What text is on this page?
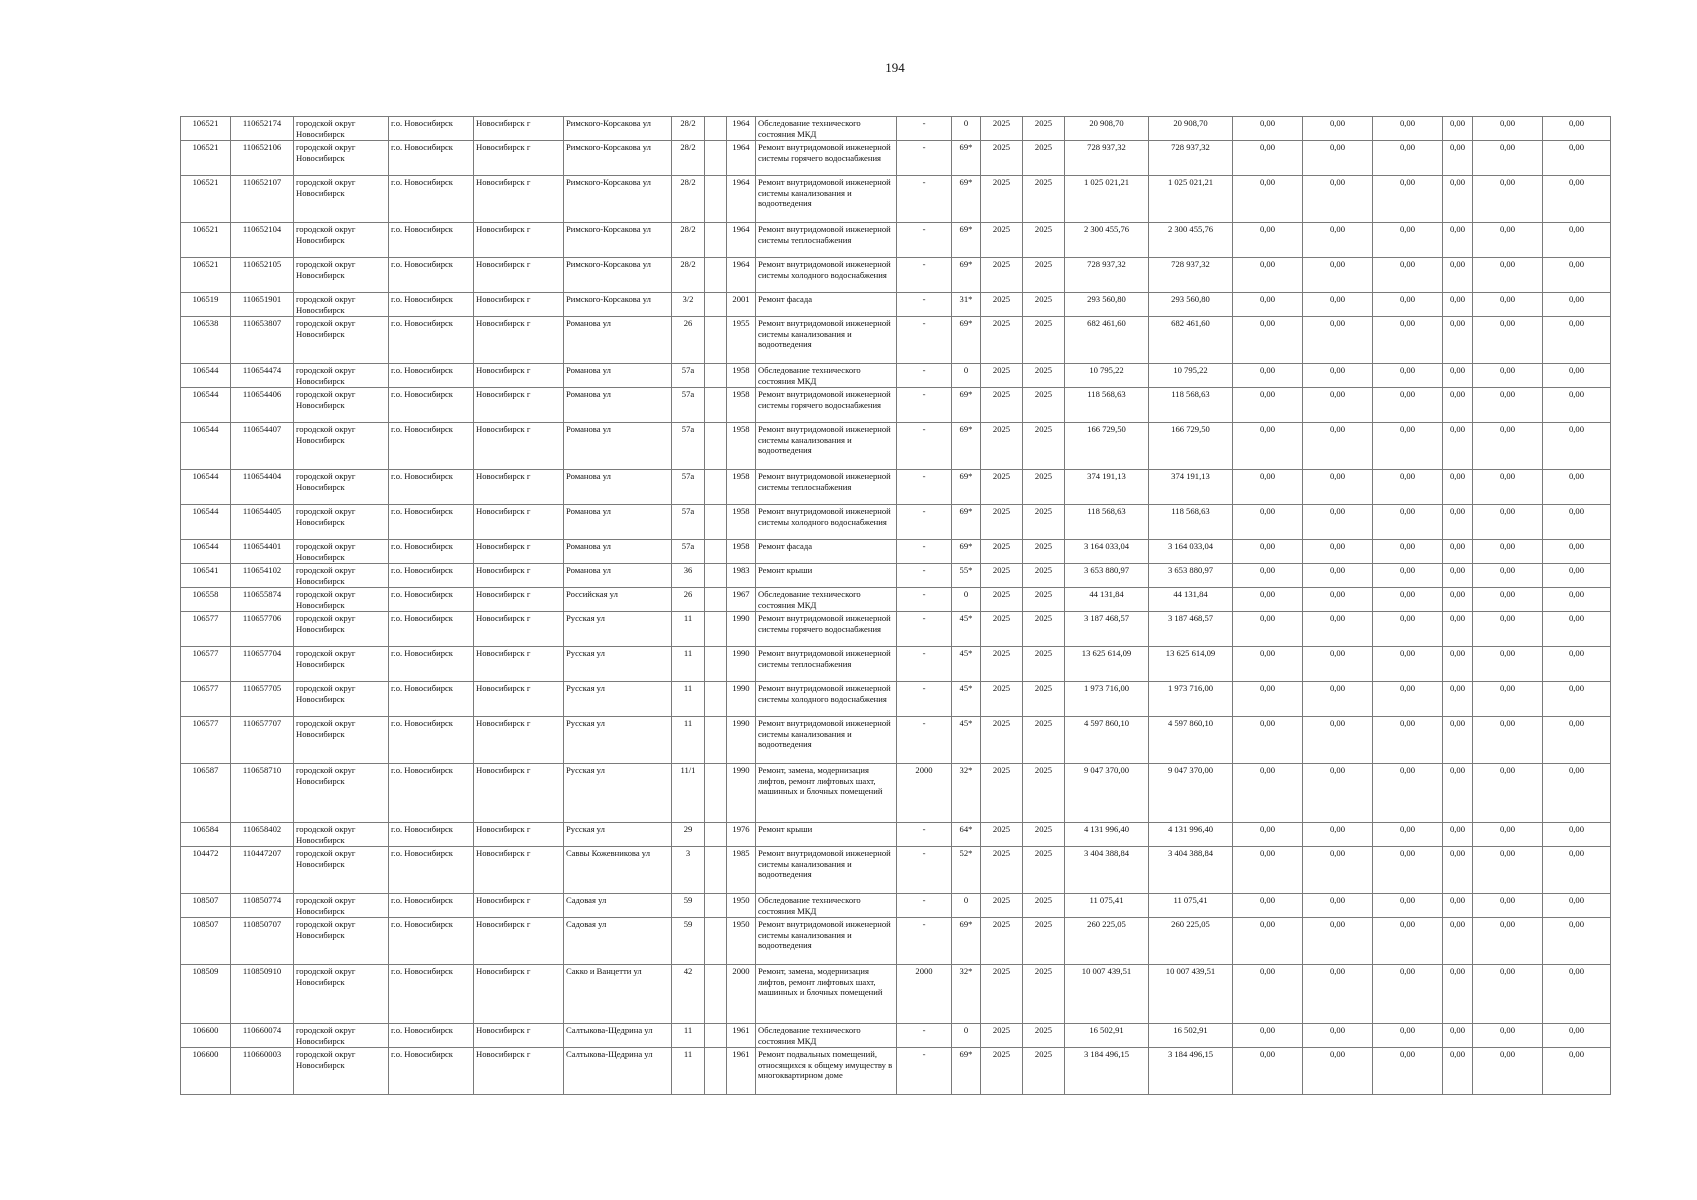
194
106521	110652174	городской округ Новосибирск	г.о. Новосибирск	Новосибирск г	Римского-Корсакова ул	28/2		1964	Обследование технического состояния МКД	-	0	2025	2025	20 908,70	20 908,70	0,00	0,00	0,00	0,00	0,00	0,00
106521	110652106	городской округ Новосибирск	г.о. Новосибирск	Новосибирск г	Римского-Корсакова ул	28/2		1964	Ремонт внутридомовой инженерной системы горячего водоснабжения	-	69*	2025	2025	728 937,32	728 937,32	0,00	0,00	0,00	0,00	0,00	0,00
106521	110652107	городской округ Новосибирск	г.о. Новосибирск	Новосибирск г	Римского-Корсакова ул	28/2		1964	Ремонт внутридомовой инженерной системы канализования и водоотведения	-	69*	2025	2025	1 025 021,21	1 025 021,21	0,00	0,00	0,00	0,00	0,00	0,00
106521	110652104	городской округ Новосибирск	г.о. Новосибирск	Новосибирск г	Римского-Корсакова ул	28/2		1964	Ремонт внутридомовой инженерной системы теплоснабжения	-	69*	2025	2025	2 300 455,76	2 300 455,76	0,00	0,00	0,00	0,00	0,00	0,00
106521	110652105	городской округ Новосибирск	г.о. Новосибирск	Новосибирск г	Римского-Корсакова ул	28/2		1964	Ремонт внутридомовой инженерной системы холодного водоснабжения	-	69*	2025	2025	728 937,32	728 937,32	0,00	0,00	0,00	0,00	0,00	0,00
106519	110651901	городской округ Новосибирск	г.о. Новосибирск	Новосибирск г	Римского-Корсакова ул	3/2		2001	Ремонт фасада	-	31*	2025	2025	293 560,80	293 560,80	0,00	0,00	0,00	0,00	0,00	0,00
106538	110653807	городской округ Новосибирск	г.о. Новосибирск	Новосибирск г	Романова ул	26		1955	Ремонт внутридомовой инженерной системы канализования и водоотведения	-	69*	2025	2025	682 461,60	682 461,60	0,00	0,00	0,00	0,00	0,00	0,00
106544	110654474	городской округ Новосибирск	г.о. Новосибирск	Новосибирск г	Романова ул	57а		1958	Обследование технического состояния МКД	-	0	2025	2025	10 795,22	10 795,22	0,00	0,00	0,00	0,00	0,00	0,00
106544	110654406	городской округ Новосибирск	г.о. Новосибирск	Новосибирск г	Романова ул	57а		1958	Ремонт внутридомовой инженерной системы горячего водоснабжения	-	69*	2025	2025	118 568,63	118 568,63	0,00	0,00	0,00	0,00	0,00	0,00
106544	110654407	городской округ Новосибирск	г.о. Новосибирск	Новосибирск г	Романова ул	57а		1958	Ремонт внутридомовой инженерной системы канализования и водоотведения	-	69*	2025	2025	166 729,50	166 729,50	0,00	0,00	0,00	0,00	0,00	0,00
106544	110654404	городской округ Новосибирск	г.о. Новосибирск	Новосибирск г	Романова ул	57а		1958	Ремонт внутридомовой инженерной системы теплоснабжения	-	69*	2025	2025	374 191,13	374 191,13	0,00	0,00	0,00	0,00	0,00	0,00
106544	110654405	городской округ Новосибирск	г.о. Новосибирск	Новосибирск г	Романова ул	57а		1958	Ремонт внутридомовой инженерной системы холодного водоснабжения	-	69*	2025	2025	118 568,63	118 568,63	0,00	0,00	0,00	0,00	0,00	0,00
106544	110654401	городской округ Новосибирск	г.о. Новосибирск	Новосибирск г	Романова ул	57а		1958	Ремонт фасада	-	69*	2025	2025	3 164 033,04	3 164 033,04	0,00	0,00	0,00	0,00	0,00	0,00
106541	110654102	городской округ Новосибирск	г.о. Новосибирск	Новосибирск г	Романова ул	36		1983	Ремонт крыши	-	55*	2025	2025	3 653 880,97	3 653 880,97	0,00	0,00	0,00	0,00	0,00	0,00
106558	110655874	городской округ Новосибирск	г.о. Новосибирск	Новосибирск г	Российская ул	26		1967	Обследование технического состояния МКД	-	0	2025	2025	44 131,84	44 131,84	0,00	0,00	0,00	0,00	0,00	0,00
106577	110657706	городской округ Новосибирск	г.о. Новосибирск	Новосибирск г	Русская ул	11		1990	Ремонт внутридомовой инженерной системы горячего водоснабжения	-	45*	2025	2025	3 187 468,57	3 187 468,57	0,00	0,00	0,00	0,00	0,00	0,00
106577	110657704	городской округ Новосибирск	г.о. Новосибирск	Новосибирск г	Русская ул	11		1990	Ремонт внутридомовой инженерной системы теплоснабжения	-	45*	2025	2025	13 625 614,09	13 625 614,09	0,00	0,00	0,00	0,00	0,00	0,00
106577	110657705	городской округ Новосибирск	г.о. Новосибирск	Новосибирск г	Русская ул	11		1990	Ремонт внутридомовой инженерной системы холодного водоснабжения	-	45*	2025	2025	1 973 716,00	1 973 716,00	0,00	0,00	0,00	0,00	0,00	0,00
106577	110657707	городской округ Новосибирск	г.о. Новосибирск	Новосибирск г	Русская ул	11		1990	Ремонт внутридомовой инженерной системы канализования и водоотведения	-	45*	2025	2025	4 597 860,10	4 597 860,10	0,00	0,00	0,00	0,00	0,00	0,00
106587	110658710	городской округ Новосибирск	г.о. Новосибирск	Новосибирск г	Русская ул	11/1		1990	Ремонт, замена, модернизация лифтов, ремонт лифтовых шахт, машинных и блочных помещений	2000	32*	2025	2025	9 047 370,00	9 047 370,00	0,00	0,00	0,00	0,00	0,00	0,00
106584	110658402	городской округ Новосибирск	г.о. Новосибирск	Новосибирск г	Русская ул	29		1976	Ремонт крыши	-	64*	2025	2025	4 131 996,40	4 131 996,40	0,00	0,00	0,00	0,00	0,00	0,00
104472	110447207	городской округ Новосибирск	г.о. Новосибирск	Новосибирск г	Саввы Кожевникова ул	3		1985	Ремонт внутридомовой инженерной системы канализования и водоотведения	-	52*	2025	2025	3 404 388,84	3 404 388,84	0,00	0,00	0,00	0,00	0,00	0,00
108507	110850774	городской округ Новосибирск	г.о. Новосибирск	Новосибирск г	Садовая ул	59		1950	Обследование технического состояния МКД	-	0	2025	2025	11 075,41	11 075,41	0,00	0,00	0,00	0,00	0,00	0,00
108507	110850707	городской округ Новосибирск	г.о. Новосибирск	Новосибирск г	Садовая ул	59		1950	Ремонт внутридомовой инженерной системы канализования и водоотведения	-	69*	2025	2025	260 225,05	260 225,05	0,00	0,00	0,00	0,00	0,00	0,00
108509	110850910	городской округ Новосибирск	г.о. Новосибирск	Новосибирск г	Сакко и Ванцетти ул	42		2000	Ремонт, замена, модернизация лифтов, ремонт лифтовых шахт, машинных и блочных помещений	2000	32*	2025	2025	10 007 439,51	10 007 439,51	0,00	0,00	0,00	0,00	0,00	0,00
106600	110660074	городской округ Новосибирск	г.о. Новосибирск	Новосибирск г	Салтыкова-Щедрина ул	11		1961	Обследование технического состояния МКД	-	0	2025	2025	16 502,91	16 502,91	0,00	0,00	0,00	0,00	0,00	0,00
106600	110660003	городской округ Новосибирск	г.о. Новосибирск	Новосибирск г	Салтыкова-Щедрина ул	11		1961	Ремонт подвальных помещений, относящихся к общему имуществу в многоквартирном доме	-	69*	2025	2025	3 184 496,15	3 184 496,15	0,00	0,00	0,00	0,00	0,00	0,00
